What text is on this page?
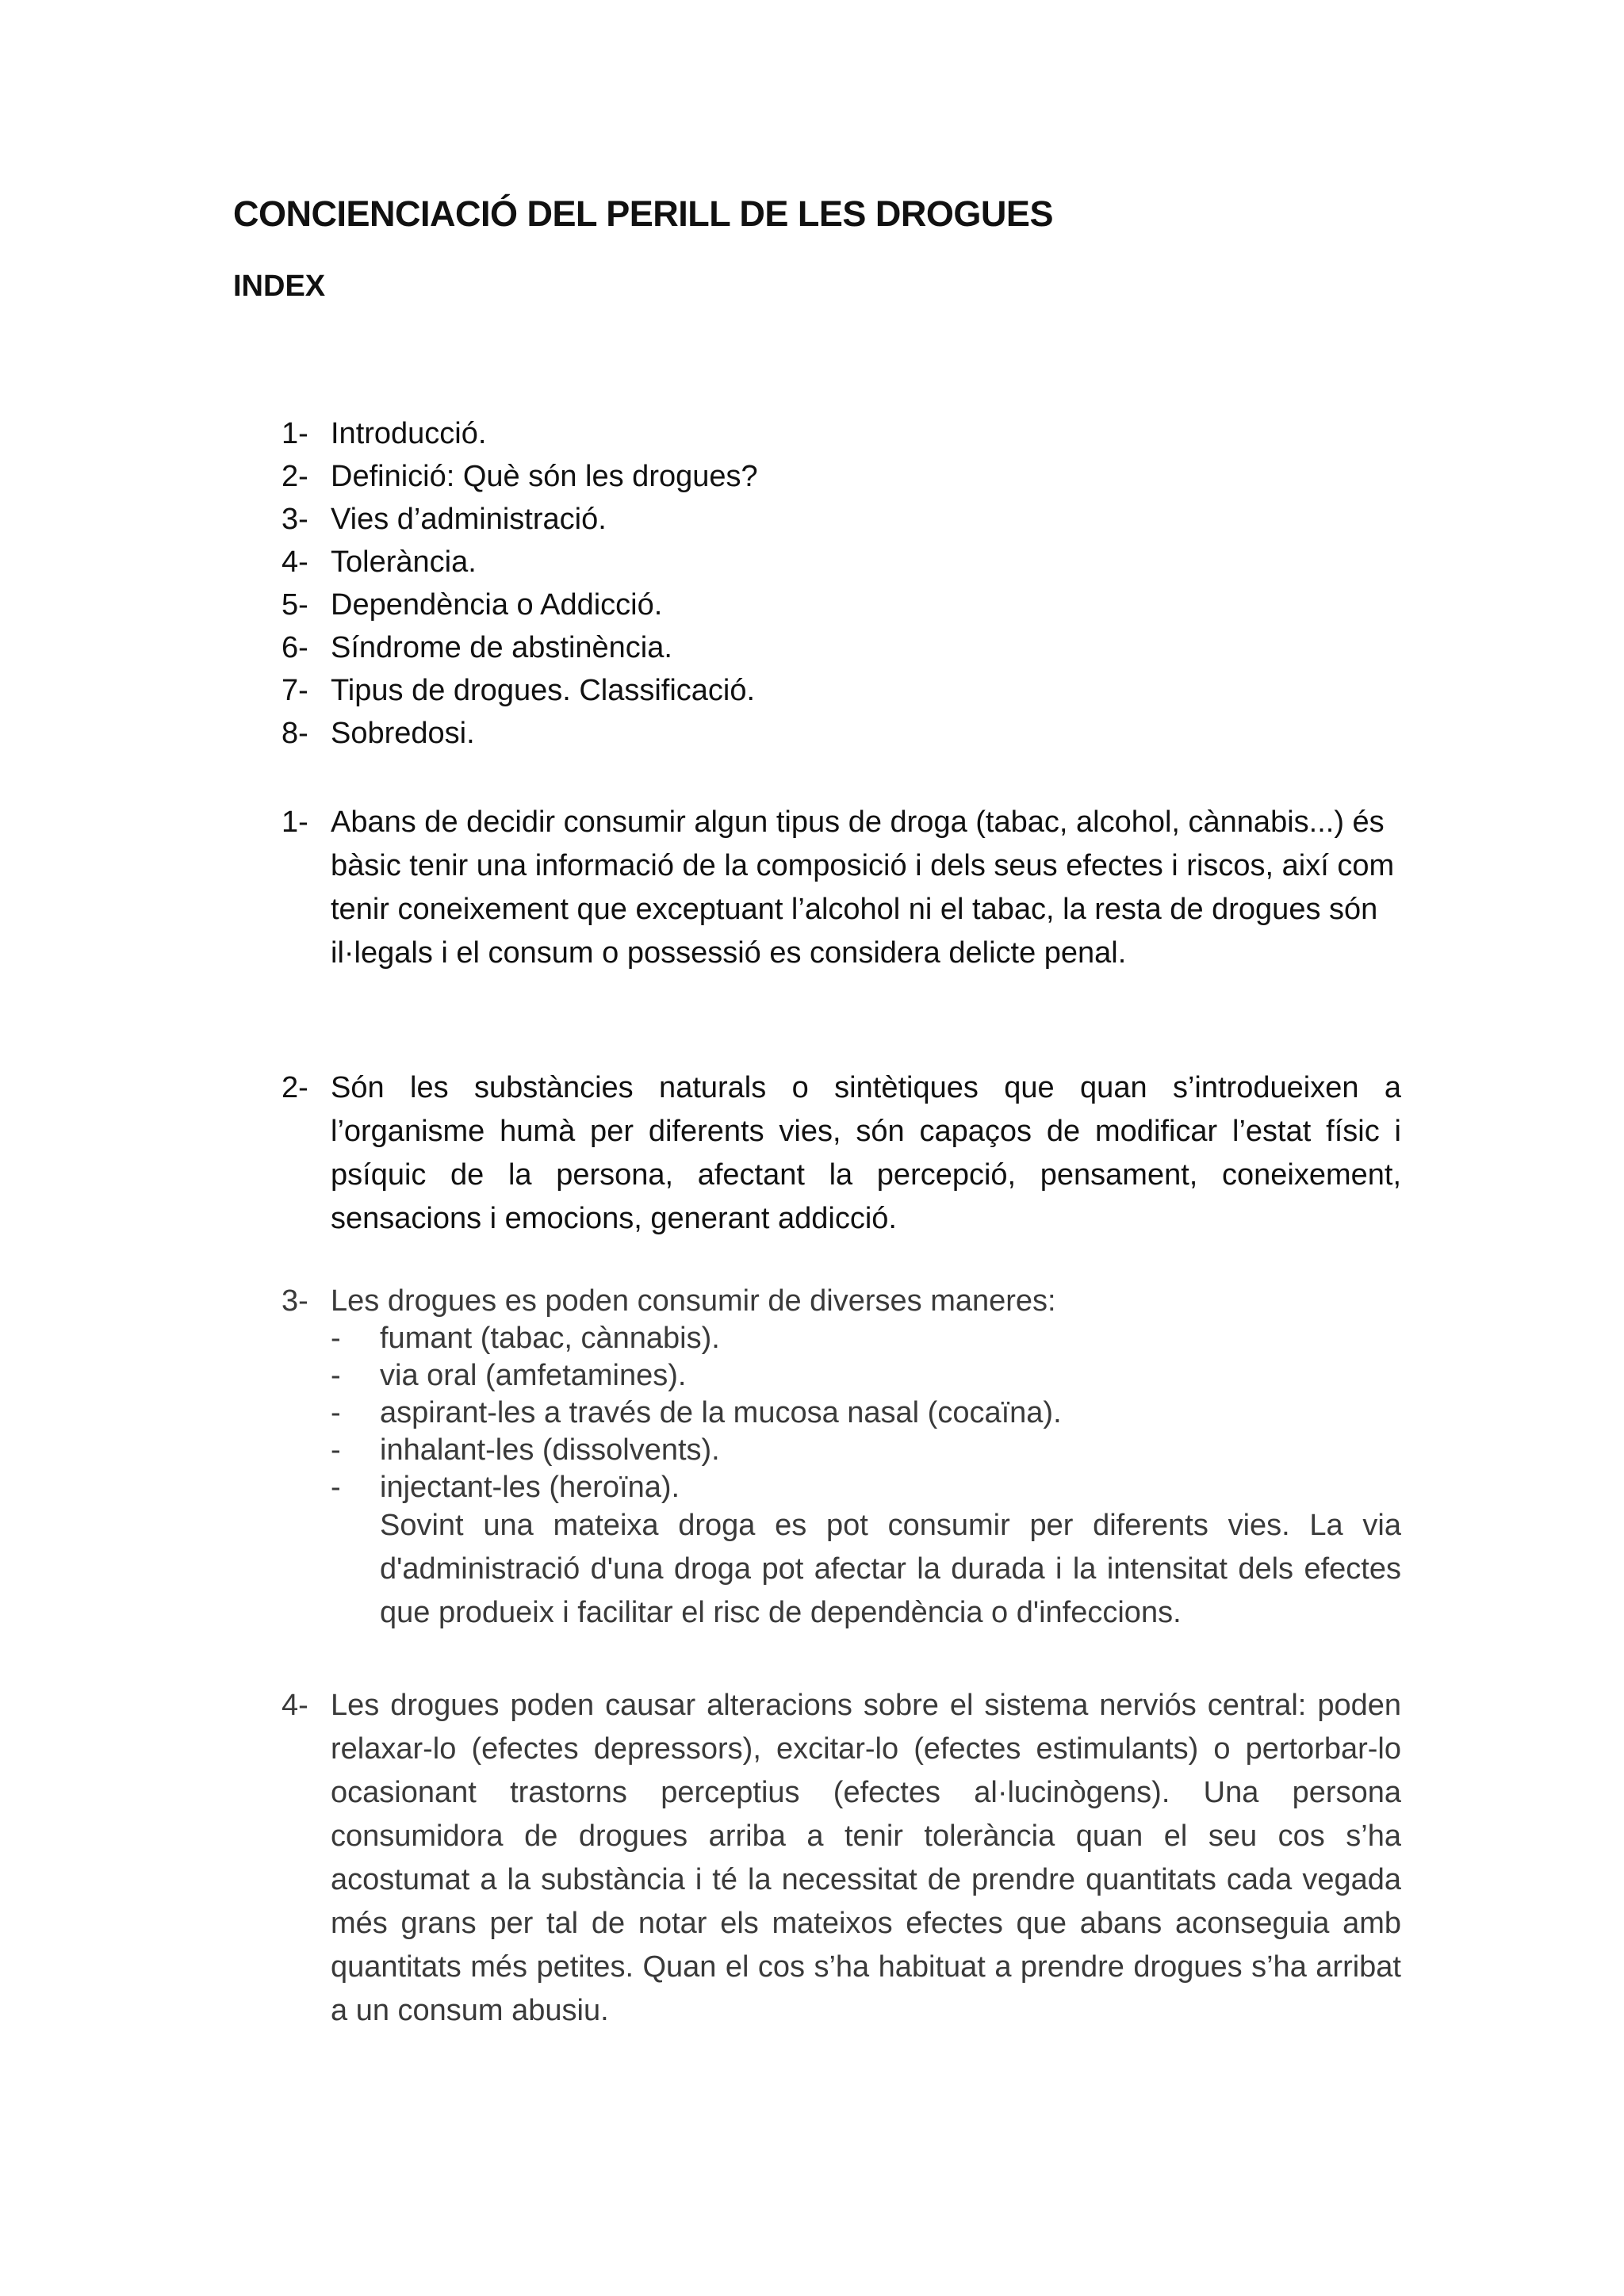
CONCIENCIACIÓ DEL PERILL DE LES DROGUES
INDEX
1- Introducció.
2- Definició: Què són les drogues?
3- Vies d’administració.
4- Tolerància.
5- Dependència o Addicció.
6- Síndrome de abstinència.
7- Tipus de drogues. Classificació.
8- Sobredosi.
1- Abans de decidir consumir algun tipus de droga (tabac, alcohol, cànnabis...) és bàsic tenir una informació de la composició i dels seus efectes i riscos, així com tenir coneixement que exceptuant l’alcohol ni el tabac, la resta de drogues són il·legals i el consum o possessió es considera delicte penal.

2- Són les substàncies naturals o sintètiques que quan s’introdueixen a l’organisme humà per diferents vies, són capaços de modificar l’estat físic i psíquic de la persona, afectant la percepció, pensament, coneixement, sensacions i emocions, generant addicció.

3- Les drogues es poden consumir de diverses maneres:
-	fumant (tabac, cànnabis).
-	via oral (amfetamines).
-	aspirant-les a través de la mucosa nasal (cocaïna).
-	inhalant-les (dissolvents).
-	injectant-les (heroïna).

Sovint una mateixa droga es pot consumir per diferents vies. La via d'administració d'una droga pot afectar la durada i la intensitat dels efectes que produeix i facilitar el risc de dependència o d'infeccions.

4- Les drogues poden causar alteracions sobre el sistema nerviós central: poden relaxar-lo (efectes depressors), excitar-lo (efectes estimulants) o pertorbar-lo ocasionant trastorns perceptius (efectes al·lucinògens). Una persona consumidora de drogues arriba a tenir tolerància quan el seu cos s’ha acostumat a la substància i té la necessitat de prendre quantitats cada vegada més grans per tal de notar els mateixos efectes que abans aconseguia amb quantitats més petites. Quan el cos s’ha habituat a prendre drogues s’ha arribat a un consum abusiu.
